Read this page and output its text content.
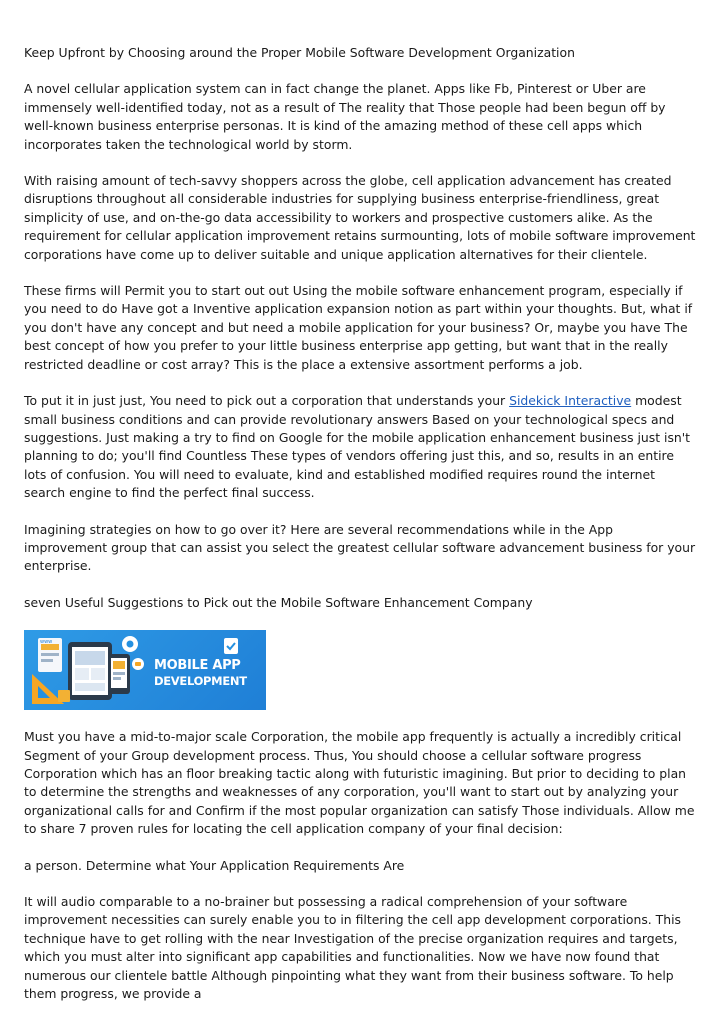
Keep Upfront by Choosing around the Proper Mobile Software Development Organization

A novel cellular application system can in fact change the planet. Apps like Fb, Pinterest or Uber are immensely well-identified today, not as a result of The reality that Those people had been begun off by well-known business enterprise personas. It is kind of the amazing method of these cell apps which incorporates taken the technological world by storm.

With raising amount of tech-savvy shoppers across the globe, cell application advancement has created disruptions throughout all considerable industries for supplying business enterprise-friendliness, great simplicity of use, and on-the-go data accessibility to workers and prospective customers alike. As the requirement for cellular application improvement retains surmounting, lots of mobile software improvement corporations have come up to deliver suitable and unique application alternatives for their clientele.

These firms will Permit you to start out out Using the mobile software enhancement program, especially if you need to do Have got a Inventive application expansion notion as part within your thoughts. But, what if you don't have any concept and but need a mobile application for your business? Or, maybe you have The best concept of how you prefer to your little business enterprise app getting, but want that in the really restricted deadline or cost array? This is the place a extensive assortment performs a job.

To put it in just just, You need to pick out a corporation that understands your Sidekick Interactive modest small business conditions and can provide revolutionary answers Based on your technological specs and suggestions. Just making a try to find on Google for the mobile application enhancement business just isn't planning to do; you'll find Countless These types of vendors offering just this, and so, results in an entire lots of confusion. You will need to evaluate, kind and established modified requires round the internet search engine to find the perfect final success.

Imagining strategies on how to go over it? Here are several recommendations while in the App improvement group that can assist you select the greatest cellular software advancement business for your enterprise.

seven Useful Suggestions to Pick out the Mobile Software Enhancement Company

www
MOBILE APP
DEVELOPMENT

Must you have a mid-to-major scale Corporation, the mobile app frequently is actually a incredibly critical Segment of your Group development process. Thus, You should choose a cellular software progress Corporation which has an floor breaking tactic along with futuristic imagining. But prior to deciding to plan to determine the strengths and weaknesses of any corporation, you'll want to start out by analyzing your organizational calls for and Confirm if the most popular organization can satisfy Those individuals. Allow me to share 7 proven rules for locating the cell application company of your final decision:

a person. Determine what Your Application Requirements Are

It will audio comparable to a no-brainer but possessing a radical comprehension of your software improvement necessities can surely enable you to in filtering the cell app development corporations. This technique have to get rolling with the near Investigation of the precise organization requires and targets, which you must alter into significant app capabilities and functionalities. Now we have now found that numerous our clientele battle Although pinpointing what they want from their business software. To help them progress, we provide a
